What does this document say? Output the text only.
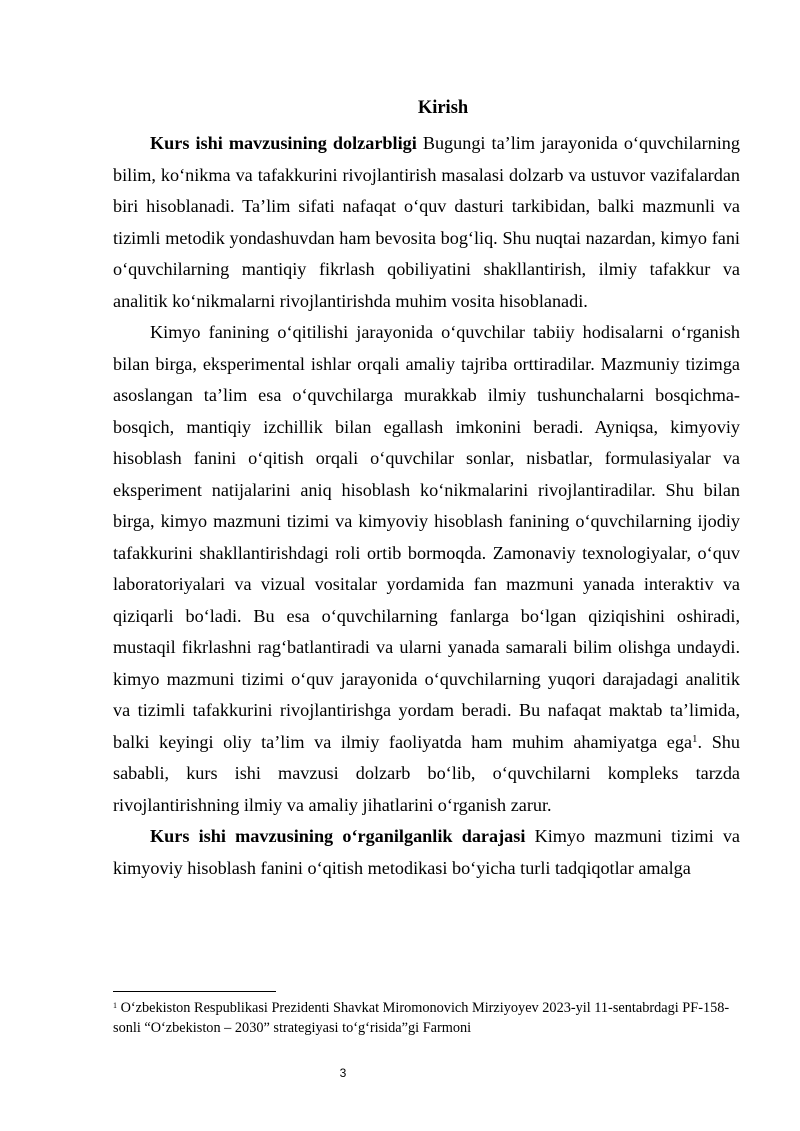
Kirish

Kurs ishi mavzusining dolzarbligi Bugungi ta’lim jarayonida o‘quvchilarning bilim, ko‘nikma va tafakkurini rivojlantirish masalasi dolzarb va ustuvor vazifalardan biri hisoblanadi. Ta’lim sifati nafaqat o‘quv dasturi tarkibidan, balki mazmunli va tizimli metodik yondashuvdan ham bevosita bog‘liq. Shu nuqtai nazardan, kimyo fani o‘quvchilarning mantiqiy fikrlash qobiliyatini shakllantirish, ilmiy tafakkur va analitik ko‘nikmalarni rivojlantirishda muhim vosita hisoblanadi.

Kimyo fanining o‘qitilishi jarayonida o‘quvchilar tabiiy hodisalarni o‘rganish bilan birga, eksperimental ishlar orqali amaliy tajriba orttiradilar. Mazmuniy tizimga asoslangan ta’lim esa o‘quvchilarga murakkab ilmiy tushunchalarni bosqichma-bosqich, mantiqiy izchillik bilan egallash imkonini beradi. Ayniqsa, kimyoviy hisoblash fanini o‘qitish orqali o‘quvchilar sonlar, nisbatlar, formulasiyalar va eksperiment natijalarini aniq hisoblash ko‘nikmalarini rivojlantiradilar. Shu bilan birga, kimyo mazmuni tizimi va kimyoviy hisoblash fanining o‘quvchilarning ijodiy tafakkurini shakllantirishdagi roli ortib bormoqda. Zamonaviy texnologiyalar, o‘quv laboratoriyalari va vizual vositalar yordamida fan mazmuni yanada interaktiv va qiziqarli bo‘ladi. Bu esa o‘quvchilarning fanlarga bo‘lgan qiziqishini oshiradi, mustaqil fikrlashni rag‘batlantiradi va ularni yanada samarali bilim olishga undaydi. kimyo mazmuni tizimi o‘quv jarayonida o‘quvchilarning yuqori darajadagi analitik va tizimli tafakkurini rivojlantirishga yordam beradi. Bu nafaqat maktab ta’limida, balki keyingi oliy ta’lim va ilmiy faoliyatda ham muhim ahamiyatga ega$^1$. Shu sababli, kurs ishi mavzusi dolzarb bo‘lib, o‘quvchilarni kompleks tarzda rivojlantirishning ilmiy va amaliy jihatlarini o‘rganish zarur.

Kurs ishi mavzusining o‘rganilganlik darajasi Kimyo mazmuni tizimi va kimyoviy hisoblash fanini o‘qitish metodikasi bo‘yicha turli tadqiqotlar amalga

$^1$ O‘zbekiston Respublikasi Prezidenti Shavkat Miromonovich Mirziyoyev 2023-yil 11-sentabrdagi PF-158-sonli “O‘zbekiston – 2030” strategiyasi to‘g‘risida”gi Farmoni
3
